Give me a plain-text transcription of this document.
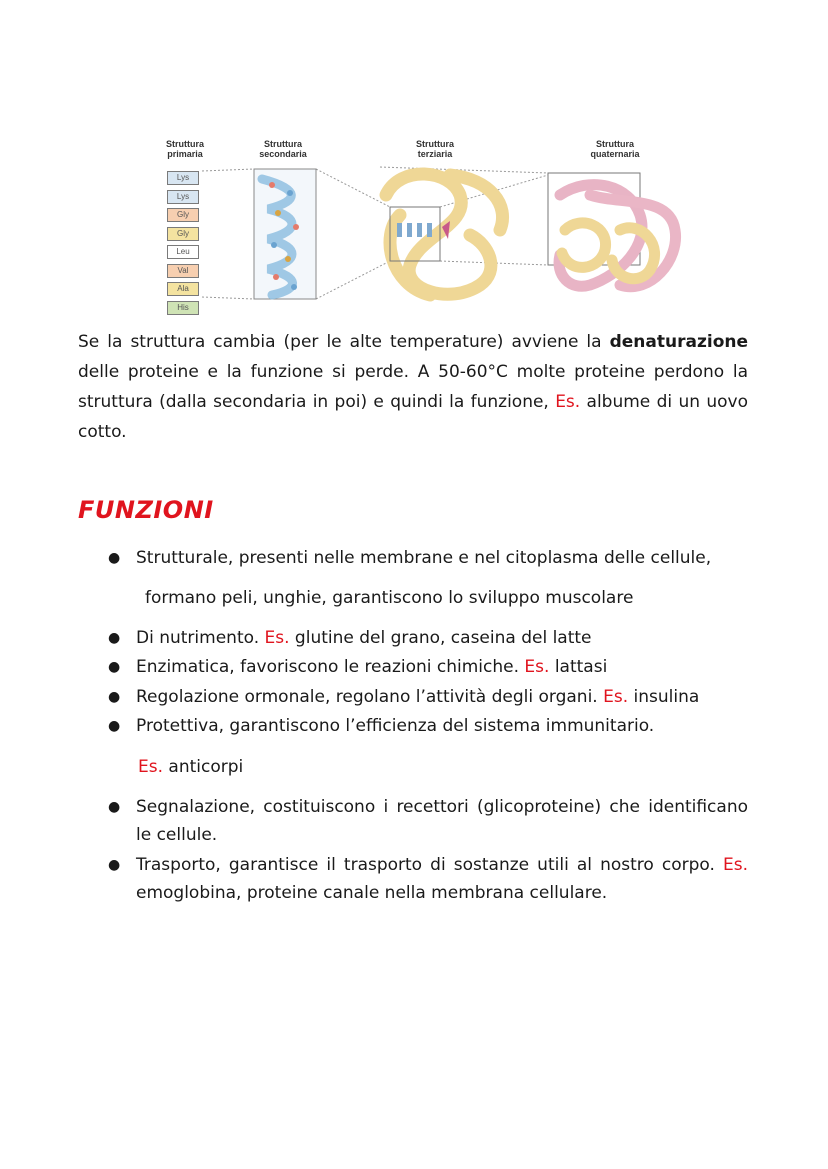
Struttura
primaria
Struttura
secondaria
Struttura
terziaria
Struttura
quaternaria
Lys
Lys
Gly
Gly
Leu
Val
Ala
His
Se la struttura cambia (per le alte temperature) avviene la denaturazione delle proteine e la funzione si perde. A 50-60°C molte proteine perdono la struttura (dalla secondaria in poi) e quindi la funzione, Es. albume di un uovo cotto.
FUNZIONI
● Strutturale, presenti nelle membrane e nel citoplasma delle cellule,
formano peli, unghie, garantiscono lo sviluppo muscolare
● Di nutrimento. Es. glutine del grano, caseina del latte
● Enzimatica, favoriscono le reazioni chimiche. Es. lattasi
● Regolazione ormonale, regolano l’attività degli organi. Es. insulina
● Protettiva, garantiscono l’efficienza del sistema immunitario.
Es. anticorpi
● Segnalazione, costituiscono i recettori (glicoproteine) che identificano le cellule.
● Trasporto, garantisce il trasporto di sostanze utili al nostro corpo. Es. emoglobina, proteine canale nella membrana cellulare.
